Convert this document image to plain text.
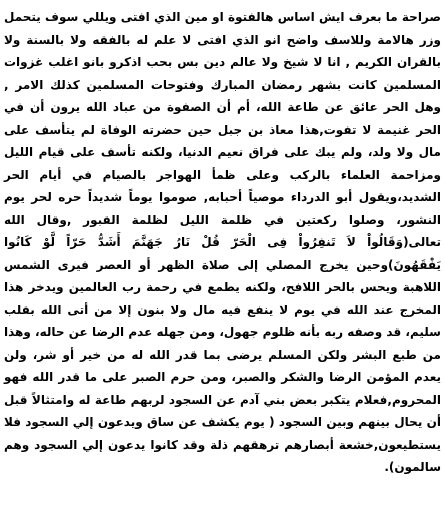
صراحة ما بعرف ايش اساس هالفتوة او مين الذي افتى ويللي سوف يتحمل وزر هالامة وللاسف واضح انو الذي افتى لا علم له بالفقه ولا بالسنة ولا بالقران الكريم , انا لا شيخ ولا عالم دين بس بحب اذكرو بانو اغلب غزوات المسلمين كانت بشهر رمضان المبارك وفتوحات المسلمين كذلك الامر , وهل الحر عائق عن طاعة الله، أم أن الصفوة من عباد الله يرون أن في الحر غنيمة لا تفوت,هذا معاذ بن جبل حين حضرته الوفاة لم يتأسف على مال ولا ولد، ولم يبك على فراق نعيم الدنيا، ولكنه تأسف على قيام الليل ومزاحمة العلماء بالركب وعلى ظمأ الهواجر بالصيام في أيام الحر الشديد،ويقول أبو الدرداء موصياً أحبابه, صوموا يوماً شديداً حره لحر يوم النشور، وصلوا ركعتين في ظلمة الليل لظلمة القبور ,وقال الله تعالى(وَقَالُواْ لاَ تَنفِرُواْ فِى الْحَرّ قُلْ نَارُ جَهَنَّمَ أَشَدُّ حَرّاً لَّوْ كَانُوا يَفْقَهُونَ)وحين يخرج المصلي إلى صلاة الظهر أو العصر فيرى الشمس اللاهبة ويحس بالحر اللافح، ولكنه يطمع في رحمة رب العالمين ويدخر هذا المخرج عند الله في يوم لا ينفع فيه مال ولا بنون إلا من أتى الله بقلب سليم، قد وصفه ربه بأنه ظلوم جهول، ومن جهله عدم الرضا عن حاله، وهذا من طبع البشر ولكن المسلم يرضى بما قدر الله له من خير أو شر، ولن يعدم المؤمن الرضا والشكر والصبر، ومن حرم الصبر على ما قدر الله فهو المحروم,فعلام يتكبر بعض بني آدم عن السجود لربهم طاعة له وامتثالاً قبل أن يحال بينهم وبين السجود ( يوم يكشف عن ساق ويدعون إلي السجود فلا يستطيعون,خشعة أبصارهم ترهقهم ذلة وقد كانوا يدعون إلي السجود وهم سالمون).
